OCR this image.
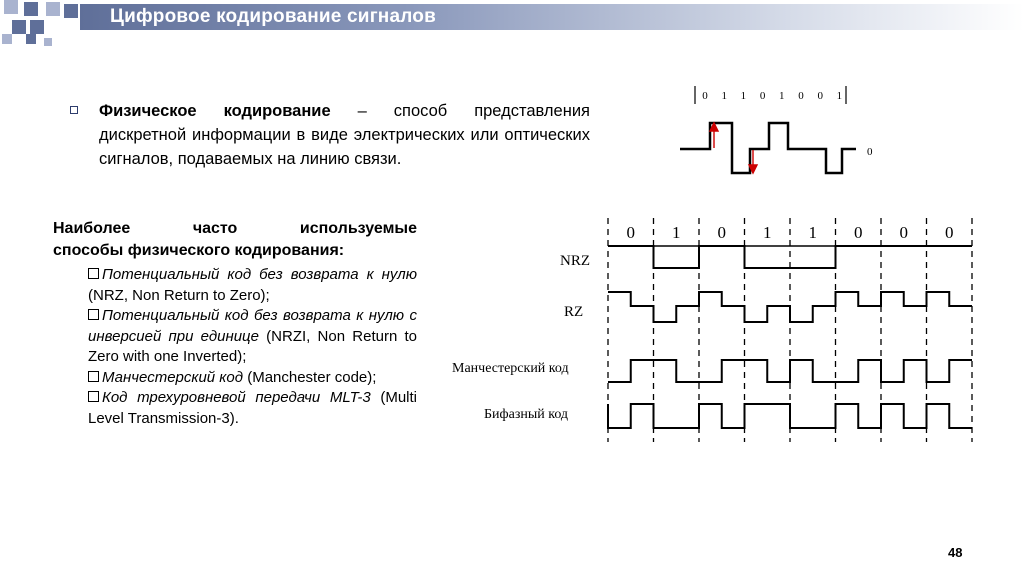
Цифровое кодирование сигналов
Физическое кодирование – способ представления дискретной информации в виде электрических или оптических сигналов, подаваемых на линию связи.
0 1 1 0 1 0 0 1
0
Наиболее	часто	используемые
способы физического кодирования:
Потенциальный код без возврата к нулю (NRZ, Non Return to Zero);
Потенциальный код без возврата к нулю с инверсией при единице (NRZI, Non Return to Zero with one Inverted);
Манчестерский код (Manchester code);
Код трехуровневой передачи MLT-3 (Multi Level Transmission-3).
0 1 0 1 1 0 0 0
NRZ
RZ
Манчестерский код
Бифазный код
48
